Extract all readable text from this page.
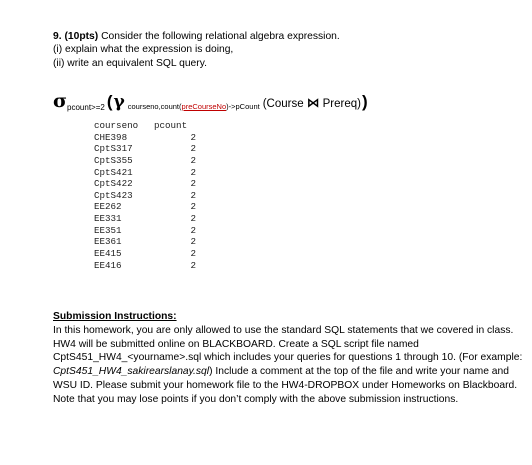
9. (10pts) Consider the following relational algebra expression.
(i) explain what the expression is doing,
(ii) write an equivalent SQL query.
σ pcount>=2 ( γ courseno,count(preCourseNo)->pCount (Course ⋈ Prereq) )
courseno	pcount
CHE398	2
CptS317	2
CptS355	2
CptS421	2
CptS422	2
CptS423	2
EE262	2
EE331	2
EE351	2
EE361	2
EE415	2
EE416	2
Submission Instructions:
In this homework, you are only allowed to use the standard SQL statements that we covered in class.
HW4 will be submitted online on BLACKBOARD. Create a SQL script file named
CptS451_HW4_<yourname>.sql which includes your queries for questions 1 through 10. (For example:
CptS451_HW4_sakirearslanay.sql) Include a comment at the top of the file and write your name and
WSU ID. Please submit your homework file to the HW4-DROPBOX under Homeworks on Blackboard.
Note that you may lose points if you don’t comply with the above submission instructions.
